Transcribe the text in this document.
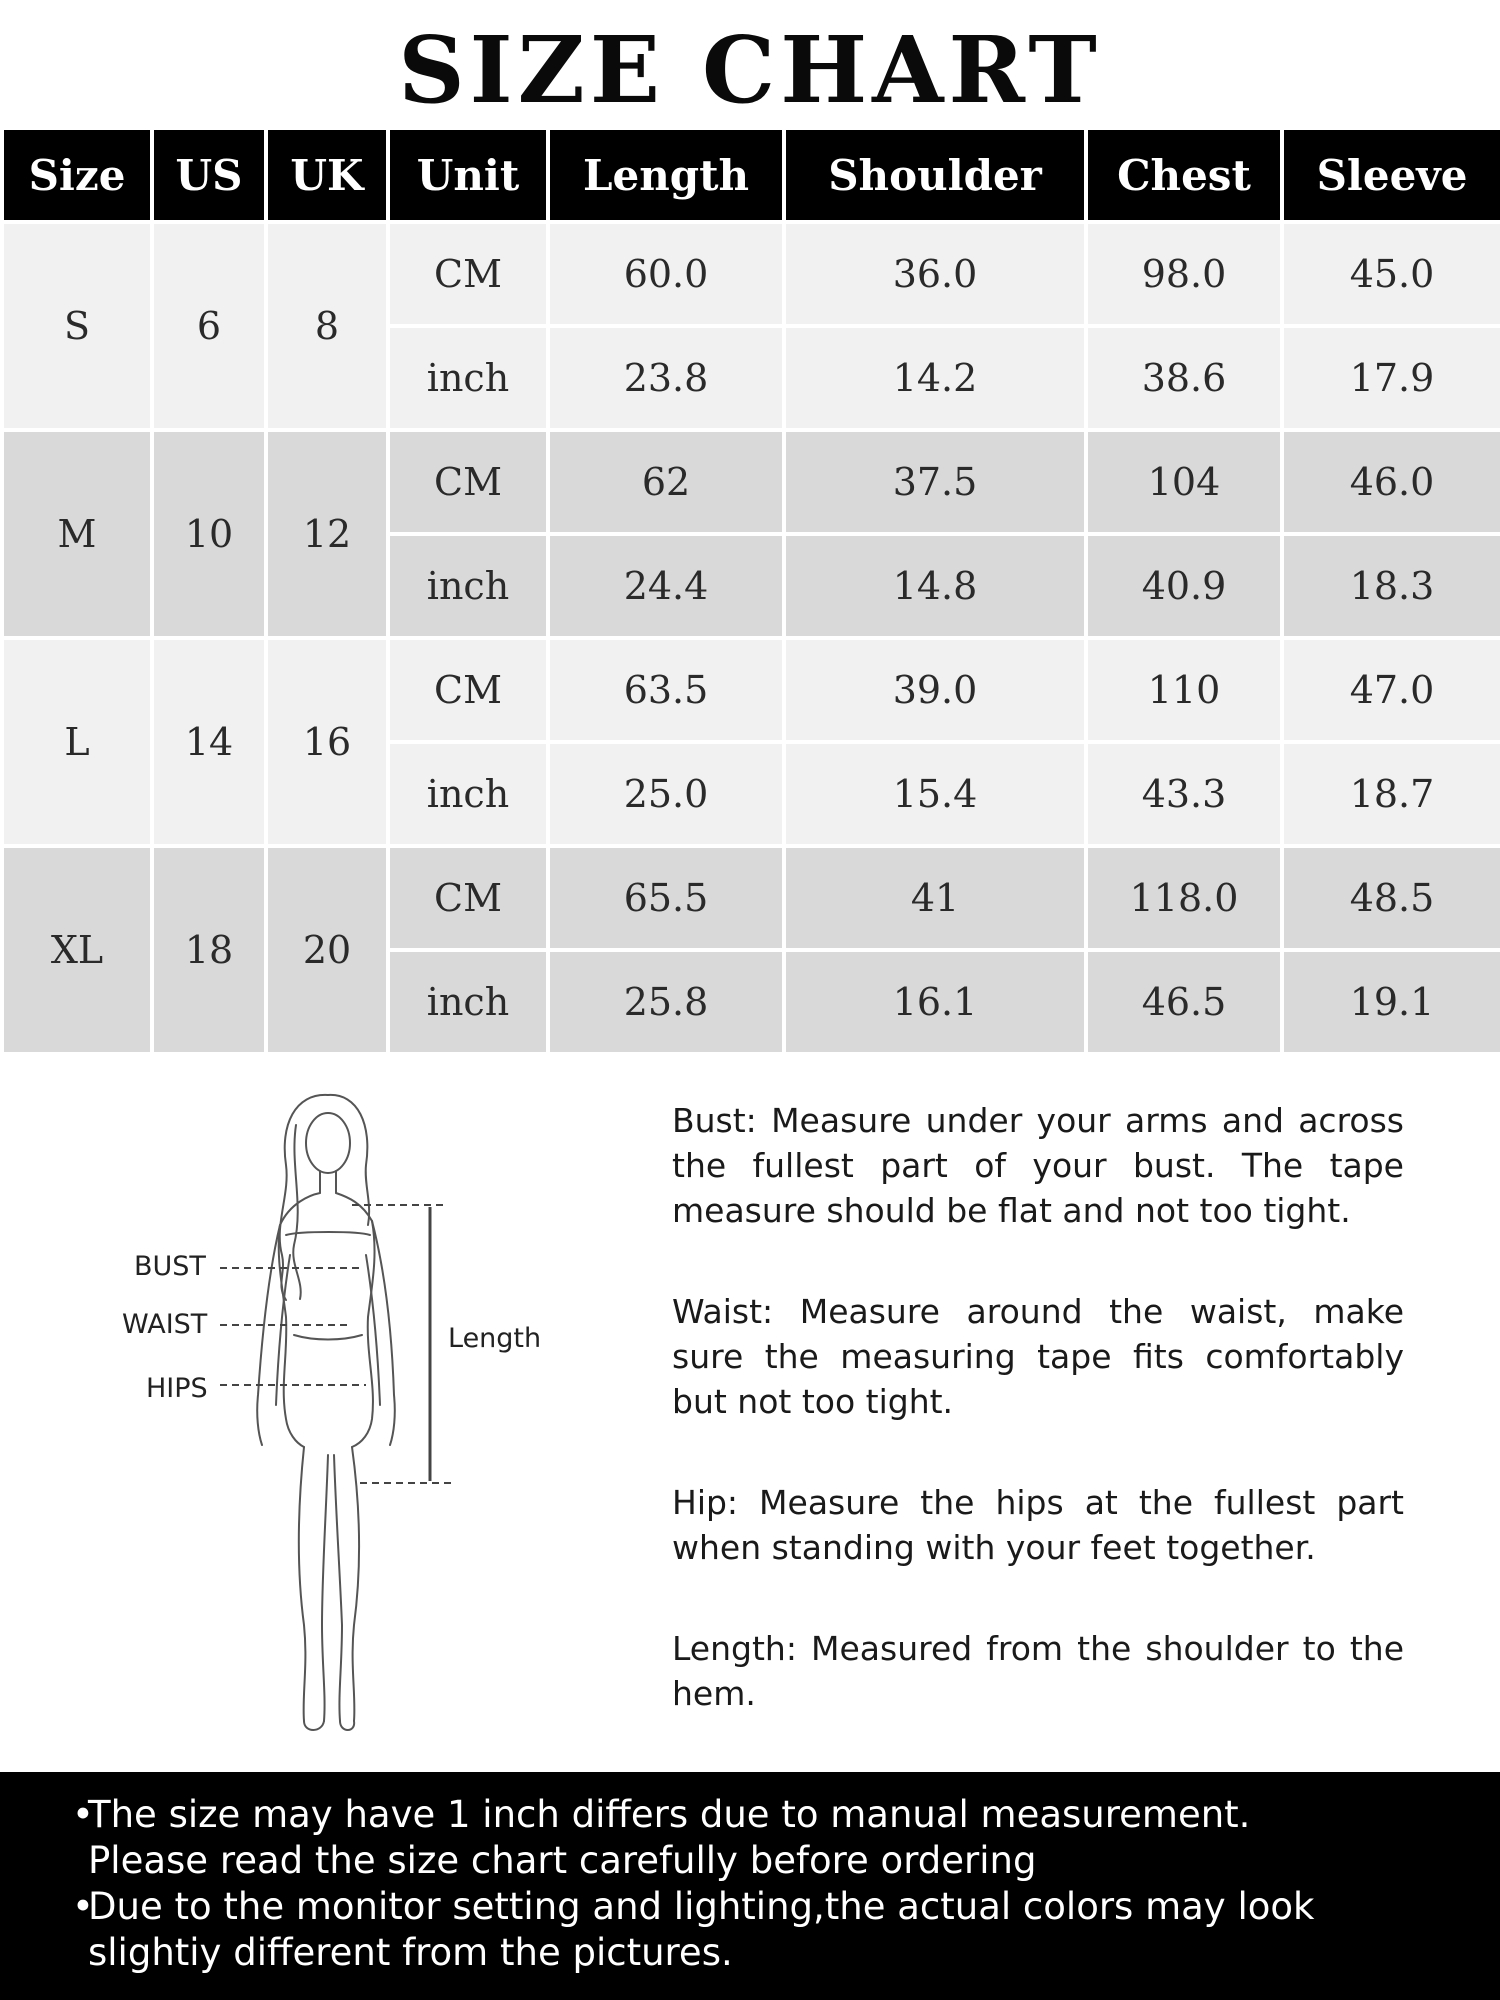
SIZE CHART
Size	US	UK	Unit	Length	Shoulder	Chest	Sleeve
S	6	8	CM	60.0	36.0	98.0	45.0
			inch	23.8	14.2	38.6	17.9
M	10	12	CM	62	37.5	104	46.0
			inch	24.4	14.8	40.9	18.3
L	14	16	CM	63.5	39.0	110	47.0
			inch	25.0	15.4	43.3	18.7
XL	18	20	CM	65.5	41	118.0	48.5
			inch	25.8	16.1	46.5	19.1
BUST
WAIST
HIPS
Length

Bust: Measure under your arms and across the fullest part of your bust. The tape measure should be flat and not too tight.

Waist: Measure around the waist, make sure the measuring tape fits comfortably but not too tight.

Hip: Measure the hips at the fullest part when standing with your feet together.

Length: Measured from the shoulder to the hem.

•
The size may have 1 inch differs due to manual measurement.
Please read the size chart carefully before ordering
•
Due to the monitor setting and lighting,the actual colors may look
slightiy different from the pictures.
